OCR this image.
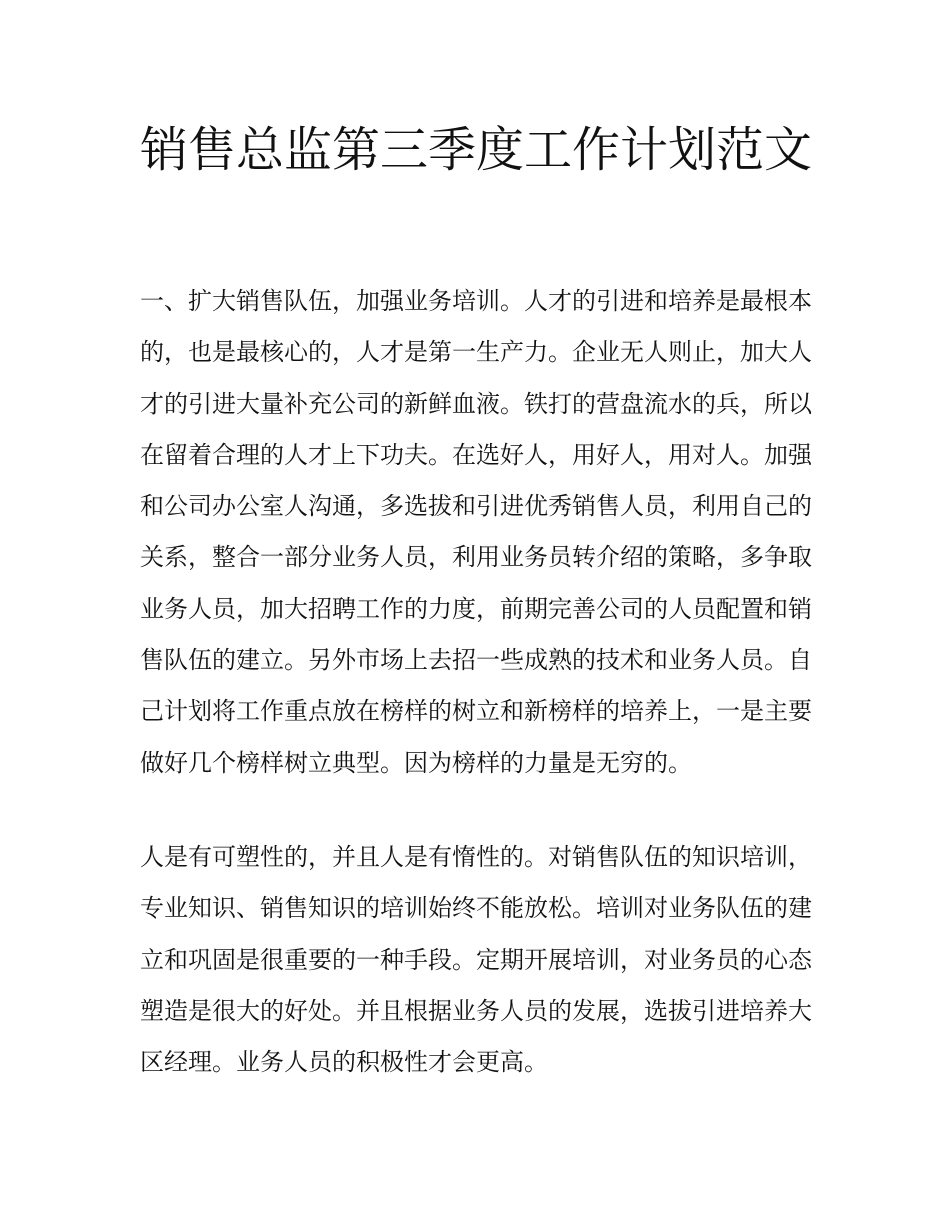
销售总监第三季度工作计划范文

一、扩大销售队伍，加强业务培训。人才的引进和培养是最根本的，也是最核心的，人才是第一生产力。企业无人则止，加大人才的引进大量补充公司的新鲜血液。铁打的营盘流水的兵，所以在留着合理的人才上下功夫。在选好人，用好人，用对人。加强和公司办公室人沟通，多选拔和引进优秀销售人员，利用自己的关系，整合一部分业务人员，利用业务员转介绍的策略，多争取业务人员，加大招聘工作的力度，前期完善公司的人员配置和销售队伍的建立。另外市场上去招一些成熟的技术和业务人员。自己计划将工作重点放在榜样的树立和新榜样的培养上，一是主要做好几个榜样树立典型。因为榜样的力量是无穷的。

人是有可塑性的，并且人是有惰性的。对销售队伍的知识培训，专业知识、销售知识的培训始终不能放松。培训对业务队伍的建立和巩固是很重要的一种手段。定期开展培训，对业务员的心态塑造是很大的好处。并且根据业务人员的发展，选拔引进培养大区经理。业务人员的积极性才会更高。
